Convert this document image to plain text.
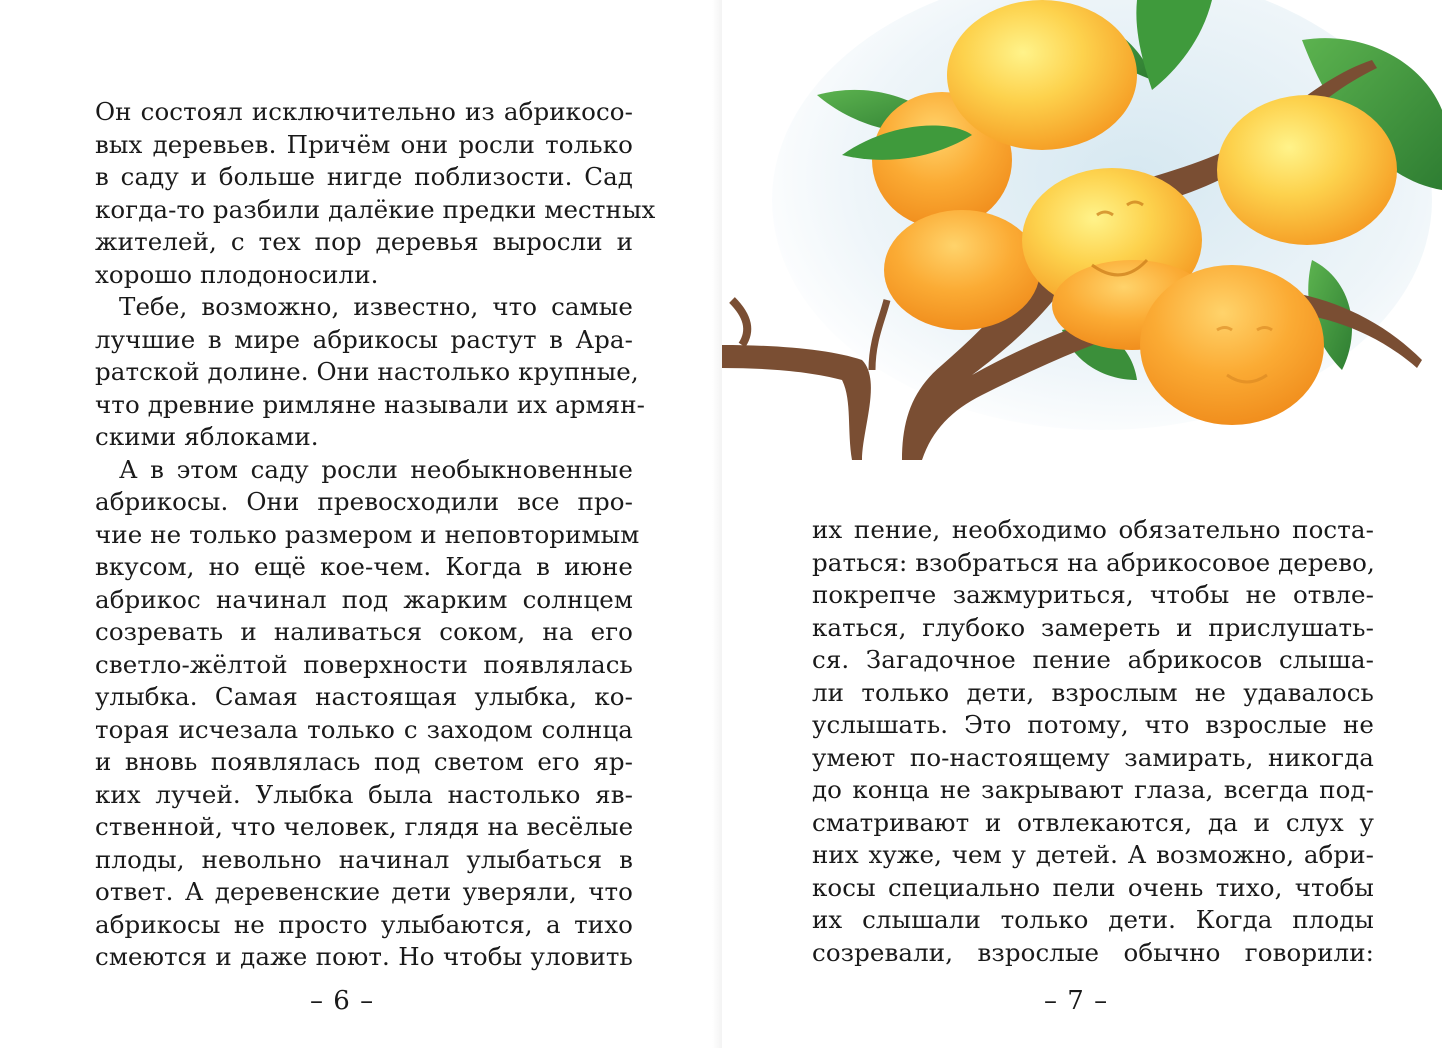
Он состоял исключительно из абрикосо-
вых деревьев. Причём они росли только
в саду и больше нигде поблизости. Сад
когда-то разбили далёкие предки местных
жителей, с тех пор деревья выросли и
хорошо плодоносили.
Тебе, возможно, известно, что самые
лучшие в мире абрикосы растут в Ара-
ратской долине. Они настолько крупные,
что древние римляне называли их армян-
скими яблоками.
А в этом саду росли необыкновенные
абрикосы. Они превосходили все про-
чие не только размером и неповторимым
вкусом, но ещё кое-чем. Когда в июне
абрикос начинал под жарким солнцем
созревать и наливаться соком, на его
светло-жёлтой поверхности появлялась
улыбка. Самая настоящая улыбка, ко-
торая исчезала только с заходом солнца
и вновь появлялась под светом его яр-
ких лучей. Улыбка была настолько яв-
ственной, что человек, глядя на весёлые
плоды, невольно начинал улыбаться в
ответ. А деревенские дети уверяли, что
абрикосы не просто улыбаются, а тихо
смеются и даже поют. Но чтобы уловить
– 6 –
их пение, необходимо обязательно поста-
раться: взобраться на абрикосовое дерево,
покрепче зажмуриться, чтобы не отвле-
каться, глубоко замереть и прислушать-
ся. Загадочное пение абрикосов слыша-
ли только дети, взрослым не удавалось
услышать. Это потому, что взрослые не
умеют по-настоящему замирать, никогда
до конца не закрывают глаза, всегда под-
сматривают и отвлекаются, да и слух у
них хуже, чем у детей. А возможно, абри-
косы специально пели очень тихо, чтобы
их слышали только дети. Когда плоды
созревали, взрослые обычно говорили:
– 7 –
